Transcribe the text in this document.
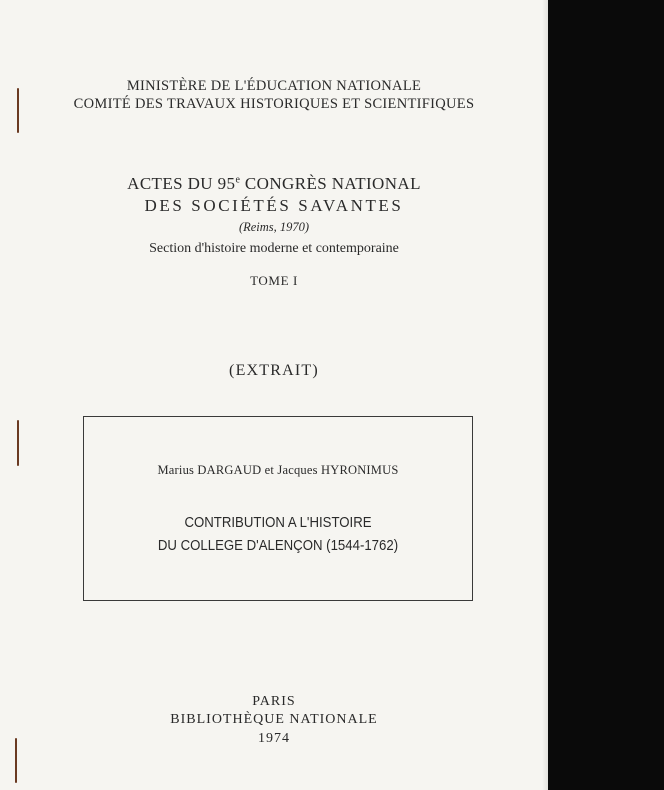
MINISTÈRE DE L'ÉDUCATION NATIONALE
COMITÉ DES TRAVAUX HISTORIQUES ET SCIENTIFIQUES
ACTES DU 95e CONGRÈS NATIONAL
DES SOCIÉTÉS SAVANTES
(Reims, 1970)
Section d'histoire moderne et contemporaine
TOME I
(EXTRAIT)
Marius DARGAUD et Jacques HYRONIMUS
CONTRIBUTION A L'HISTOIRE
DU COLLEGE D'ALENÇON (1544-1762)
PARIS
BIBLIOTHÈQUE NATIONALE
1974
